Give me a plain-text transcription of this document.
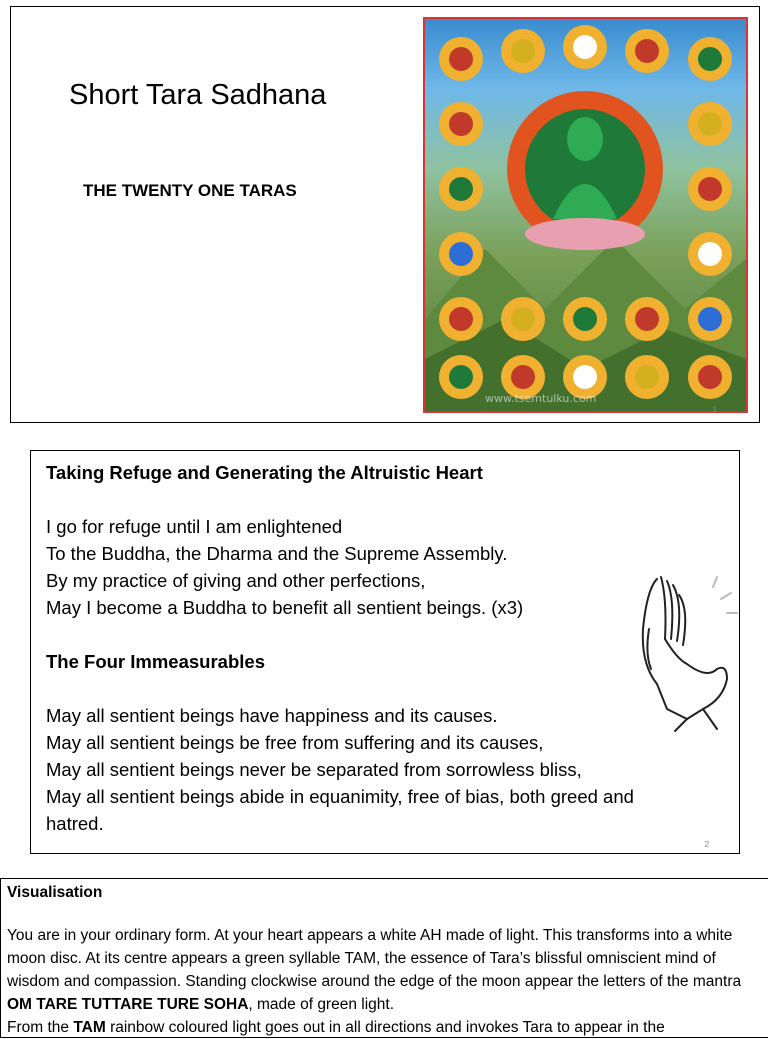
Short Tara Sadhana
THE TWENTY ONE TARAS
www.tsemtulku.com
1

Taking Refuge and Generating the Altruistic Heart

I go for refuge until I am enlightened

To the Buddha, the Dharma and the Supreme Assembly.

By my practice of giving and other perfections,

May I become a Buddha to benefit all sentient beings. (x3)

The Four Immeasurables

May all sentient beings have happiness and its causes.

May all sentient beings be free from suffering and its causes,

May all sentient beings never be separated from sorrowless bliss,

May all sentient beings abide in equanimity, free of bias, both greed and

hatred.

2

Visualisation

You are in your ordinary form. At your heart appears a white AH made of light. This transforms into a white moon disc. At its centre appears a green syllable TAM, the essence of Tara’s blissful omniscient mind of wisdom and compassion. Standing clockwise around the edge of the moon appear the letters of the mantra OM TARE TUTTARE TURE SOHA, made of green light.

From the TAM rainbow coloured light goes out in all directions and invokes Tara to appear in the
